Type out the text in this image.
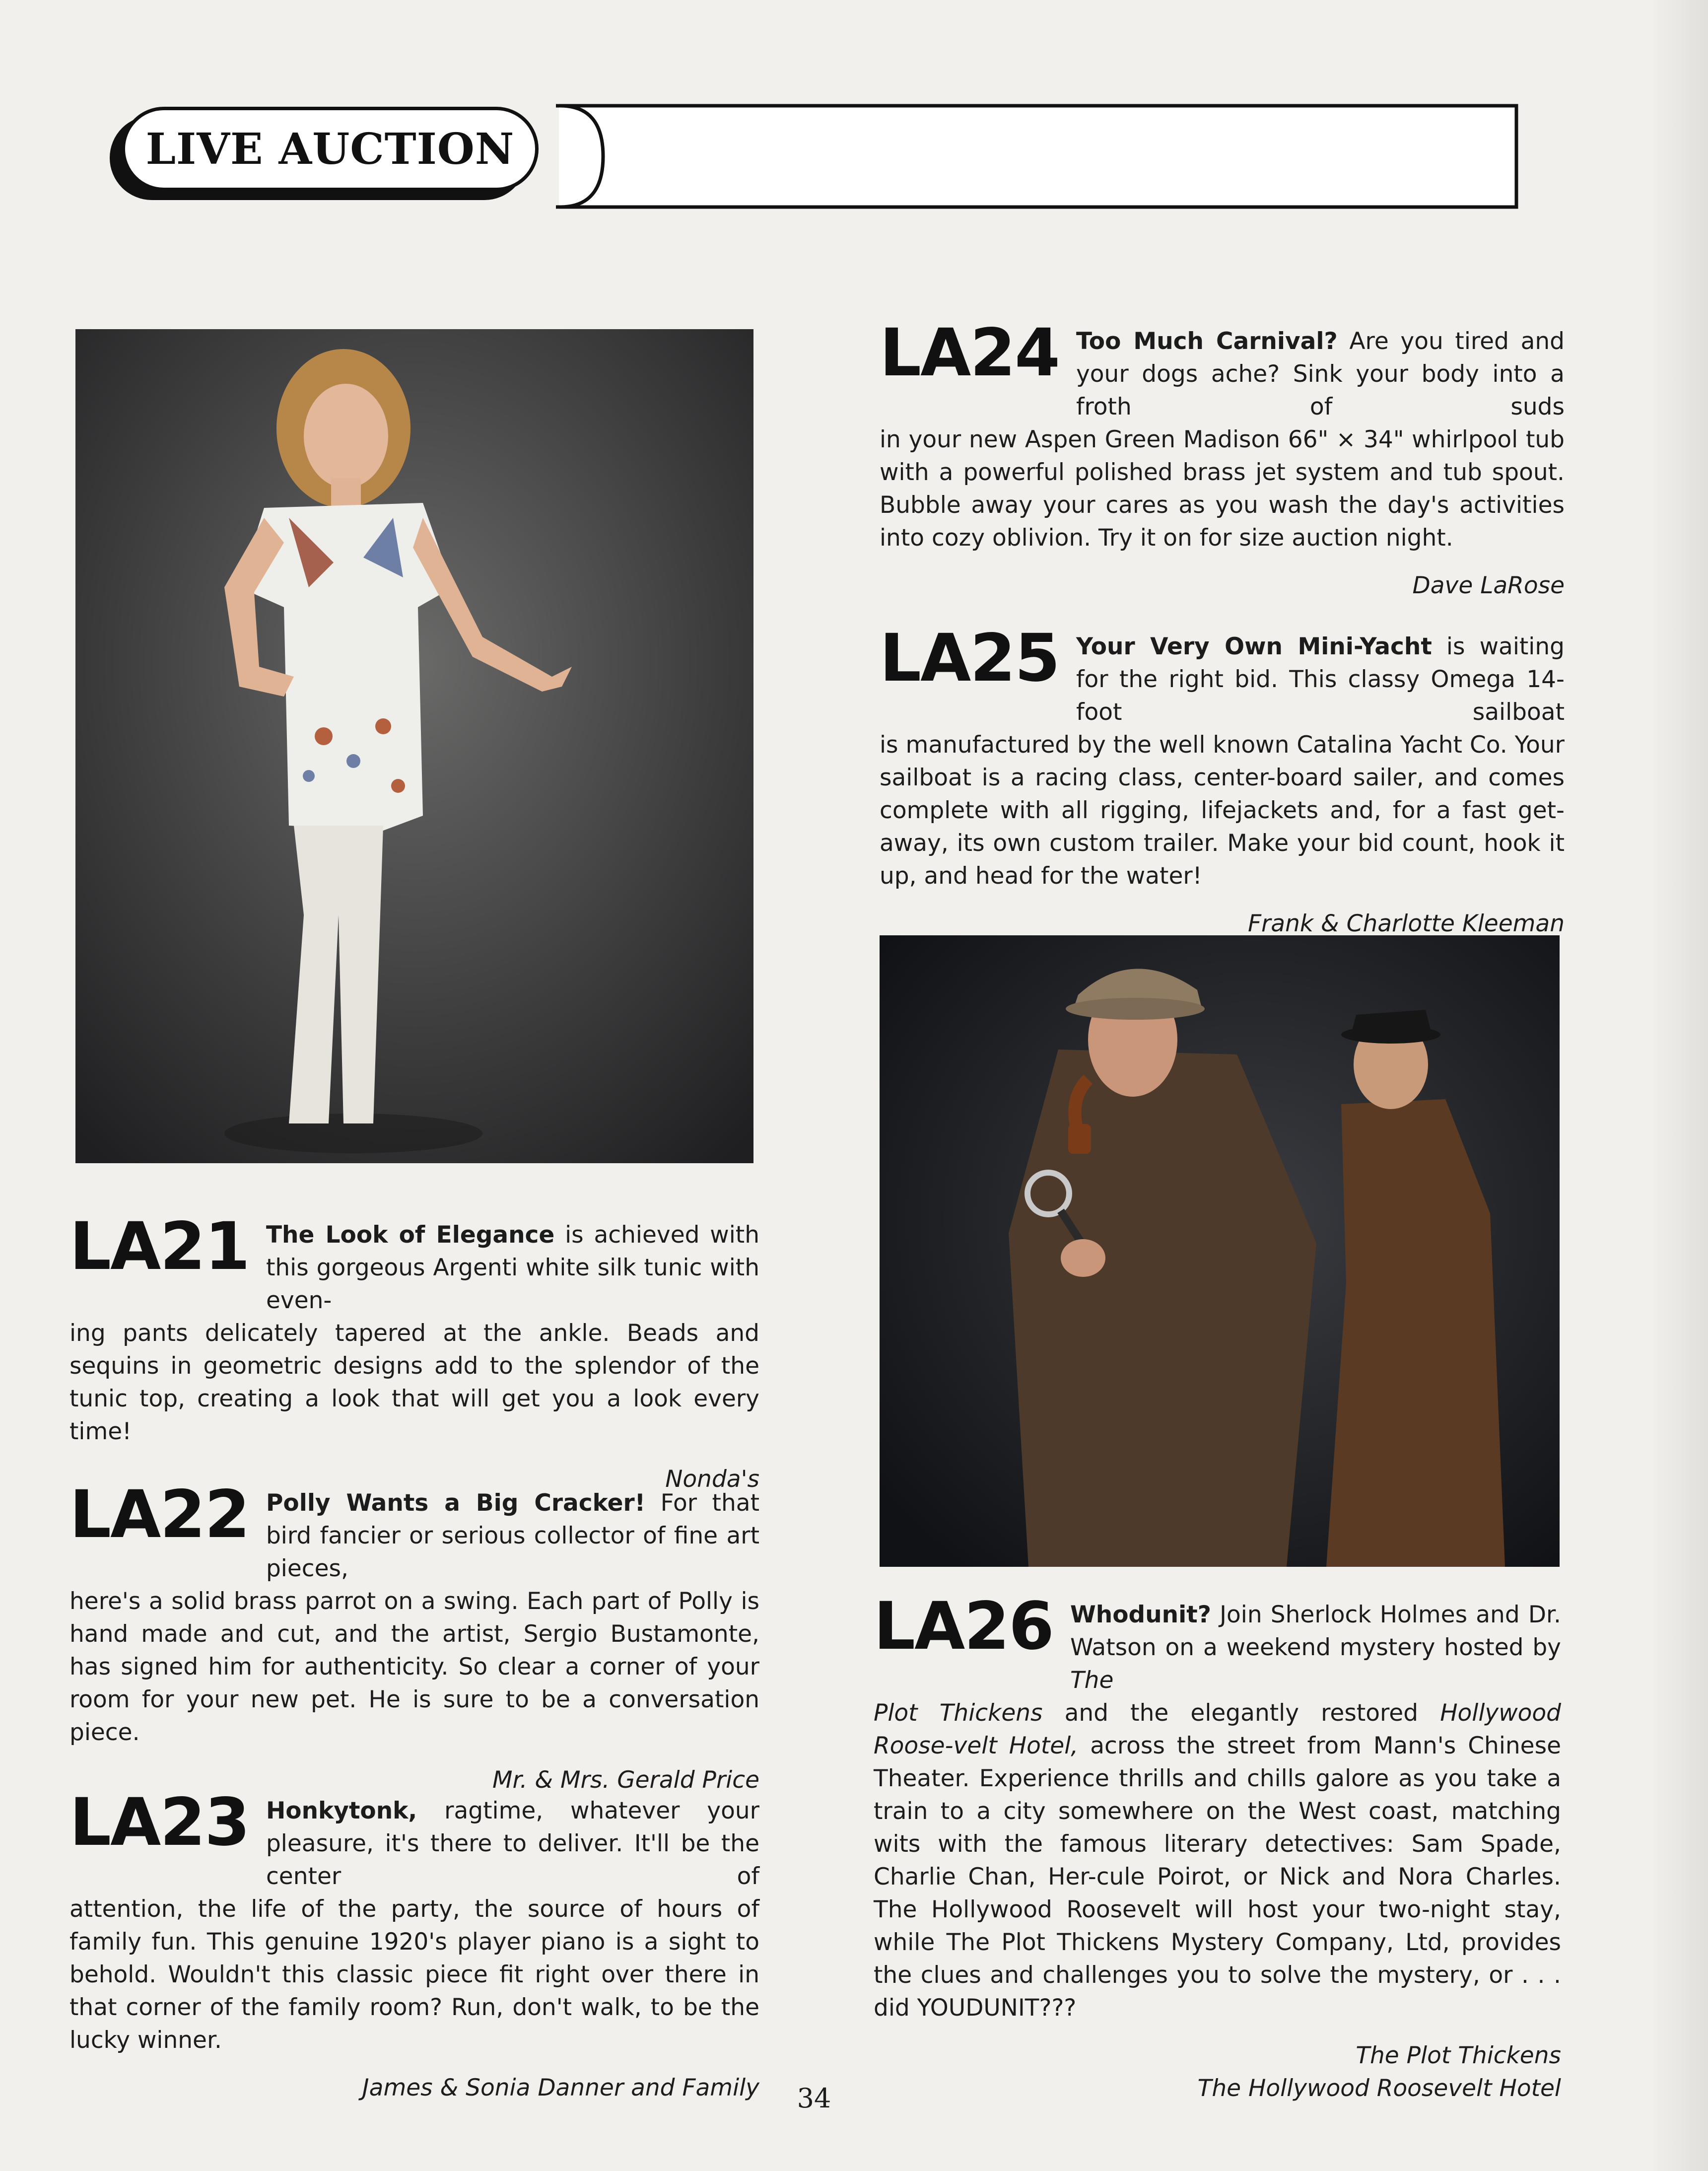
LIVE AUCTION
LA21 The Look of Elegance is achieved with this gorgeous Argenti white silk tunic with even-

ing pants delicately tapered at the ankle. Beads and sequins in geometric designs add to the splendor of the tunic top, creating a look that will get you a look every time!

Nonda's
LA22 Polly Wants a Big Cracker! For that bird fancier or serious collector of fine art pieces,

here's a solid brass parrot on a swing. Each part of Polly is hand made and cut, and the artist, Sergio Bustamonte, has signed him for authenticity. So clear a corner of your room for your new pet. He is sure to be a conversation piece.

Mr. & Mrs. Gerald Price
LA23 Honkytonk, ragtime, whatever your pleasure, it's there to deliver. It'll be the center of

attention, the life of the party, the source of hours of family fun. This genuine 1920's player piano is a sight to behold. Wouldn't this classic piece fit right over there in that corner of the family room? Run, don't walk, to be the lucky winner.

James & Sonia Danner and Family
LA24 Too Much Carnival? Are you tired and your dogs ache? Sink your body into a froth of suds

in your new Aspen Green Madison 66" × 34" whirlpool tub with a powerful polished brass jet system and tub spout. Bubble away your cares as you wash the day's activities into cozy oblivion. Try it on for size auction night.

Dave LaRose
LA25 Your Very Own Mini-Yacht is waiting for the right bid. This classy Omega 14-foot sailboat

is manufactured by the well known Catalina Yacht Co. Your sailboat is a racing class, center-board sailer, and comes complete with all rigging, lifejackets and, for a fast get-away, its own custom trailer. Make your bid count, hook it up, and head for the water!

Frank & Charlotte Kleeman
LA26 Whodunit? Join Sherlock Holmes and Dr. Watson on a weekend mystery hosted by The

Plot Thickens and the elegantly restored Hollywood Roose-velt Hotel, across the street from Mann's Chinese Theater. Experience thrills and chills galore as you take a train to a city somewhere on the West coast, matching wits with the famous literary detectives: Sam Spade, Charlie Chan, Her-cule Poirot, or Nick and Nora Charles. The Hollywood Roosevelt will host your two-night stay, while The Plot Thickens Mystery Company, Ltd, provides the clues and challenges you to solve the mystery, or . . . did YOUDUNIT???

The Plot Thickens
The Hollywood Roosevelt Hotel
34
